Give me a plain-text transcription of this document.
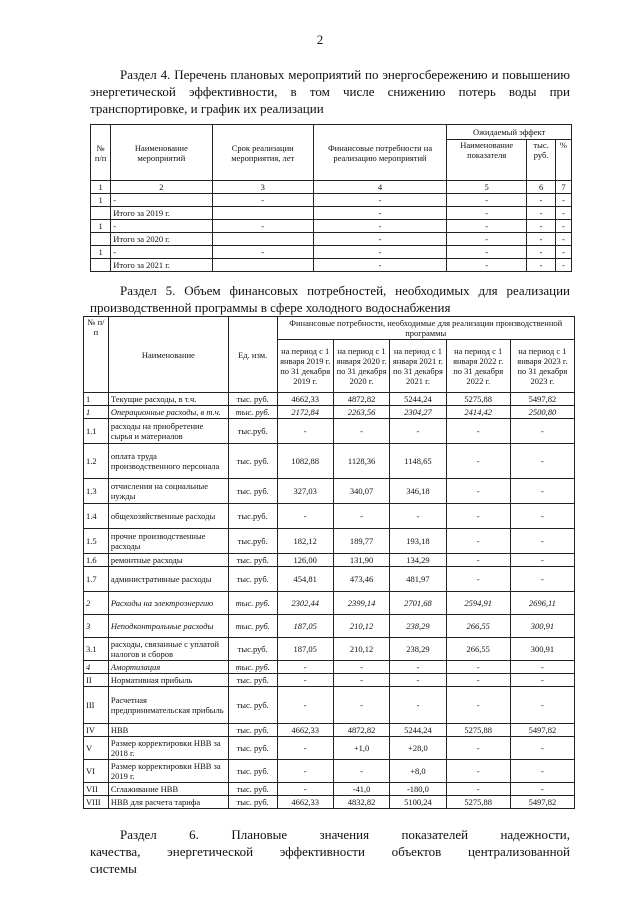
2
Раздел 4. Перечень плановых мероприятий по энергосбережению и повышению энергетической эффективности, в том числе снижению потерь воды при транспортировке, и график их реализации
№ п/п	Наименование мероприятий	Срок реализации мероприятия, лет	Финансовые потребности на реализацию мероприятий	Ожидаемый эффект		
				Наименование показателя	тыс. руб.	%
1	2	3	4	5	6	7
1	-	-	-	-	-	-
	Итого за 2019 г.		-	-	-	-
1	-	-	-	-	-	-
	Итого за 2020 г.		-	-	-	-
1	-	-	-	-	-	-
	Итого за 2021 г.		-	-	-	-
Раздел 5. Объем финансовых потребностей, необходимых для реализации производственной программы в сфере холодного водоснабжения
№ п/п	Наименование	Ед. изм.	Финансовые потребности, необходимые для реализации производственной программы				
			на период с 1 января 2019 г. по 31 декабря 2019 г.	на период с 1 января 2020 г. по 31 декабря 2020 г.	на период с 1 января 2021 г. по 31 декабря 2021 г.	на период с 1 января 2022 г. по 31 декабря 2022 г.	на период с 1 января 2023 г. по 31 декабря 2023 г.
1	Текущие расходы, в т.ч.	тыс. руб.	4662,33	4872,82	5244,24	5275,88	5497,82
1	Операционные расходы, в т.ч.	тыс. руб.	2172,84	2263,56	2304,27	2414,42	2500,80
1.1	расходы на приобретение сырья и материалов	тыс.руб.	-	-	-	-	-
1.2	оплата труда производственного персонала	тыс. руб.	1082,88	1128,36	1148,65	-	-
1.3	отчисления на социальные нужды	тыс. руб.	327,03	340,07	346,18	-	-
1.4	общехозяйственные расходы	тыс.руб.	-	-	-	-	-
1.5	прочие производственные расходы	тыс.руб.	182,12	189,77	193,18	-	-
1.6	ремонтные расходы	тыс. руб.	126,00	131,90	134,29	-	-
1.7	административные расходы	тыс. руб.	454,81	473,46	481,97	-	-
2	Расходы на электроэнергию	тыс. руб.	2302,44	2399,14	2701,68	2594,91	2696,11
3	Неподконтрольные расходы	тыс. руб.	187,05	210,12	238,29	266,55	300,91
3.1	расходы, связанные с уплатой налогов и сборов	тыс.руб.	187,05	210,12	238,29	266,55	300,91
4	Амортизация	тыс. руб.	-	-	-	-	-
II	Нормативная прибыль	тыс. руб.	-	-	-	-	-
III	Расчетная предпринимательская прибыль	тыс. руб.	-	-	-	-	-
IV	НВВ	тыс. руб.	4662,33	4872,82	5244,24	5275,88	5497,82
V	Размер корректировки НВВ за 2018 г.	тыс. руб.	-	+1,0	+28,0	-	-
VI	Размер корректировки НВВ за 2019 г.	тыс. руб.	-	-	+8,0	-	-
VII	Сглаживание НВВ	тыс. руб.	-	-41,0	-180,0	-	-
VIII	НВВ для расчета тарифа	тыс. руб.	4662,33	4832,82	5100,24	5275,88	5497,82
Раздел 6. Плановые значения показателей надежности, качества, энергетической эффективности объектов централизованной системы
